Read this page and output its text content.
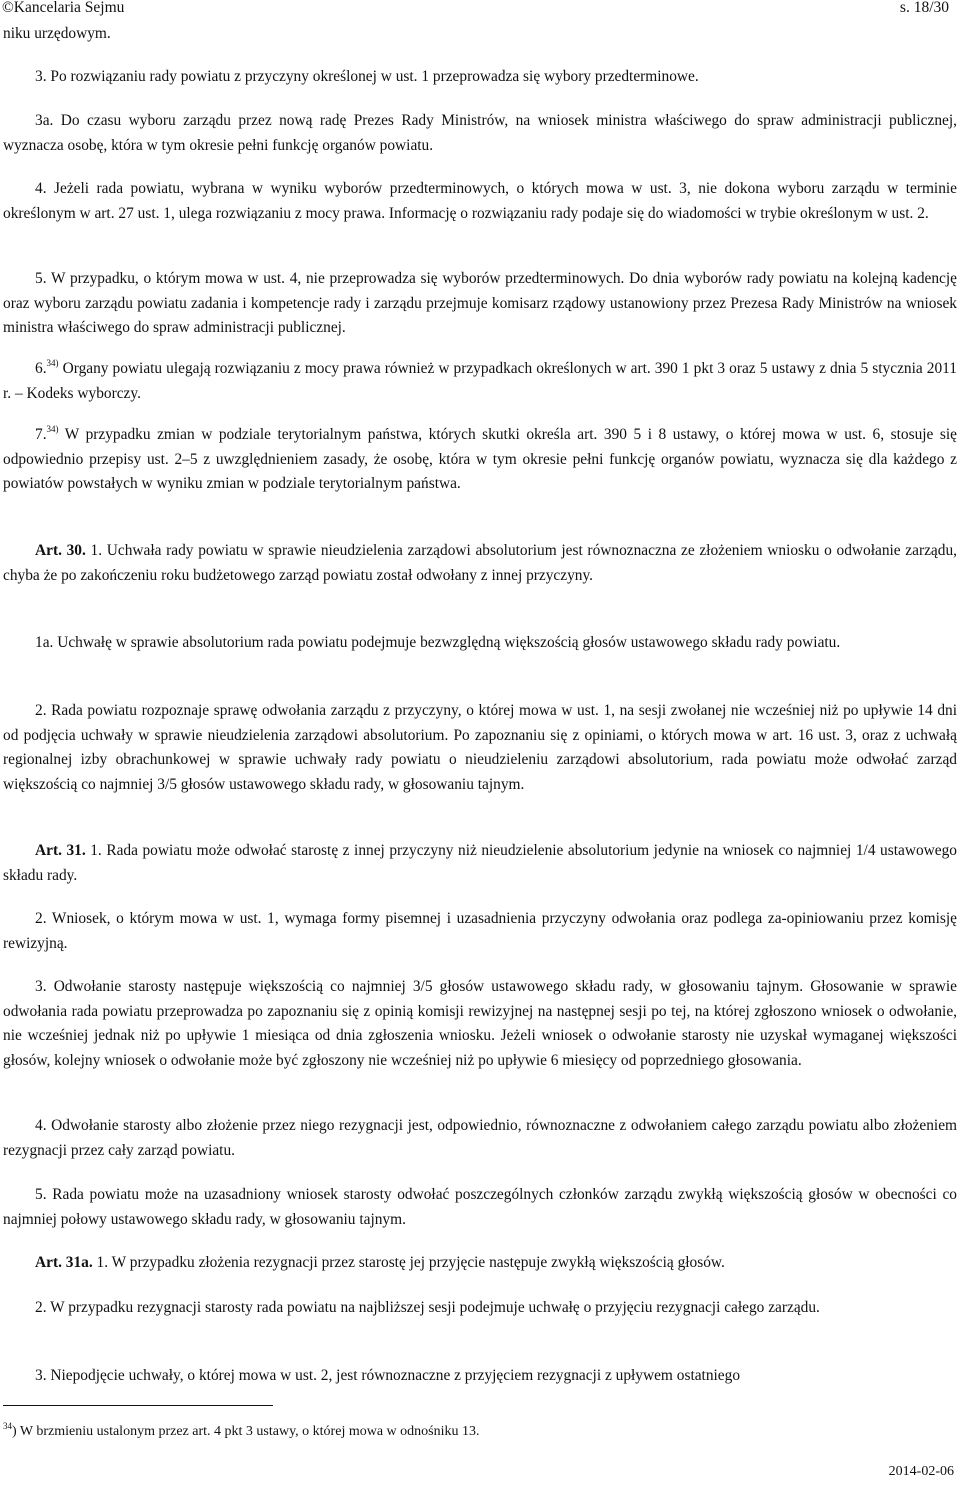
©Kancelaria Sejmu	s. 18/30

niku urzędowym.

3. Po rozwiązaniu rady powiatu z przyczyny określonej w ust. 1 przeprowadza się wybory przedterminowe.

3a. Do czasu wyboru zarządu przez nową radę Prezes Rady Ministrów, na wniosek ministra właściwego do spraw administracji publicznej, wyznacza osobę, która w tym okresie pełni funkcję organów powiatu.

4. Jeżeli rada powiatu, wybrana w wyniku wyborów przedterminowych, o których mowa w ust. 3, nie dokona wyboru zarządu w terminie określonym w art. 27 ust. 1, ulega rozwiązaniu z mocy prawa. Informację o rozwiązaniu rady podaje się do wiadomości w trybie określonym w ust. 2.

5. W przypadku, o którym mowa w ust. 4, nie przeprowadza się wyborów przedterminowych. Do dnia wyborów rady powiatu na kolejną kadencję oraz wyboru zarządu powiatu zadania i kompetencje rady i zarządu przejmuje komisarz rządowy ustanowiony przez Prezesa Rady Ministrów na wniosek ministra właściwego do spraw administracji publicznej.

6.$^{34)}$ Organy powiatu ulegają rozwiązaniu z mocy prawa również w przypadkach określonych w art. 390 1 pkt 3 oraz 5 ustawy z dnia 5 stycznia 2011 r. – Kodeks wyborczy.

7.$^{34)}$ W przypadku zmian w podziale terytorialnym państwa, których skutki określa art. 390 5 i 8 ustawy, o której mowa w ust. 6, stosuje się odpowiednio przepisy ust. 2–5 z uwzględnieniem zasady, że osobę, która w tym okresie pełni funkcję organów powiatu, wyznacza się dla każdego z powiatów powstałych w wyniku zmian w podziale terytorialnym państwa.

Art. 30. 1. Uchwała rady powiatu w sprawie nieudzielenia zarządowi absolutorium jest równoznaczna ze złożeniem wniosku o odwołanie zarządu, chyba że po zakończeniu roku budżetowego zarząd powiatu został odwołany z innej przyczyny.

1a. Uchwałę w sprawie absolutorium rada powiatu podejmuje bezwzględną większością głosów ustawowego składu rady powiatu.

2. Rada powiatu rozpoznaje sprawę odwołania zarządu z przyczyny, o której mowa w ust. 1, na sesji zwołanej nie wcześniej niż po upływie 14 dni od podjęcia uchwały w sprawie nieudzielenia zarządowi absolutorium. Po zapoznaniu się z opiniami, o których mowa w art. 16 ust. 3, oraz z uchwałą regionalnej izby obrachunkowej w sprawie uchwały rady powiatu o nieudzieleniu zarządowi absolutorium, rada powiatu może odwołać zarząd większością co najmniej 3/5 głosów ustawowego składu rady, w głosowaniu tajnym.

Art. 31. 1. Rada powiatu może odwołać starostę z innej przyczyny niż nieudzielenie absolutorium jedynie na wniosek co najmniej 1/4 ustawowego składu rady.

2. Wniosek, o którym mowa w ust. 1, wymaga formy pisemnej i uzasadnienia przyczyny odwołania oraz podlega za-opiniowaniu przez komisję rewizyjną.

3. Odwołanie starosty następuje większością co najmniej 3/5 głosów ustawowego składu rady, w głosowaniu tajnym. Głosowanie w sprawie odwołania rada powiatu przeprowadza po zapoznaniu się z opinią komisji rewizyjnej na następnej sesji po tej, na której zgłoszono wniosek o odwołanie, nie wcześniej jednak niż po upływie 1 miesiąca od dnia zgłoszenia wniosku. Jeżeli wniosek o odwołanie starosty nie uzyskał wymaganej większości głosów, kolejny wniosek o odwołanie może być zgłoszony nie wcześniej niż po upływie 6 miesięcy od poprzedniego głosowania.

4. Odwołanie starosty albo złożenie przez niego rezygnacji jest, odpowiednio, równoznaczne z odwołaniem całego zarządu powiatu albo złożeniem rezygnacji przez cały zarząd powiatu.

5. Rada powiatu może na uzasadniony wniosek starosty odwołać poszczególnych członków zarządu zwykłą większością głosów w obecności co najmniej połowy ustawowego składu rady, w głosowaniu tajnym.

Art. 31a. 1. W przypadku złożenia rezygnacji przez starostę jej przyjęcie następuje zwykłą większością głosów.

2. W przypadku rezygnacji starosty rada powiatu na najbliższej sesji podejmuje uchwałę o przyjęciu rezygnacji całego zarządu.

3. Niepodjęcie uchwały, o której mowa w ust. 2, jest równoznaczne z przyjęciem rezygnacji z upływem ostatniego

$^{34}$) W brzmieniu ustalonym przez art. 4 pkt 3 ustawy, o której mowa w odnośniku 13.
2014-02-06
